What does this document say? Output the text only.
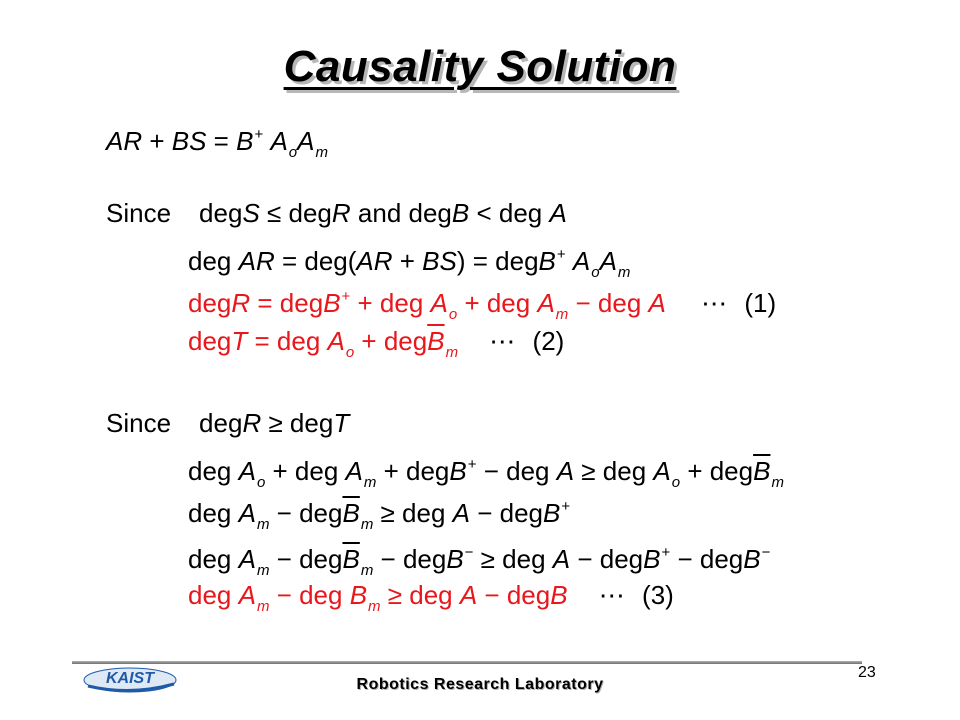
Causality Solution
AR + BS = B+ $A_oA_m$
Since degS ≤ degR and degB < deg A
deg AR = deg(AR + BS) = degB+ $A_oA_m$
degR = degB+ + deg $A_o$ + deg $A_m$ − deg A ⋯ (1)
degT = deg $A_o + deg\overline{B}_m$ ⋯ (2)
Since degR ≥ degT
deg $A_o$ + deg $A_m$ + degB+ − deg A ≥ deg $A_o + deg\overline{B}_m$
deg $A_m - deg\overline{B}_m$ ≥ deg A − degB+
deg $A_m - deg\overline{B}_m$ − degB− ≥ deg A − degB+ − degB−
deg $A_m$ − deg $B_m$ ≥ deg A − degB ⋯ (3)
KAIST	Robotics Research Laboratory
23
